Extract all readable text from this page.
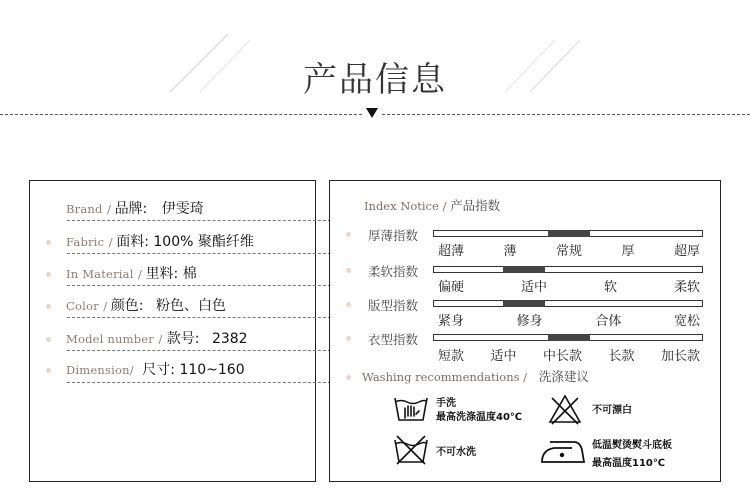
产品信息
Brand / 品牌: 伊雯琦
Fabric / 面料: 100% 聚酯纤维
In Material / 里料: 棉
Color / 颜色: 粉色、白色
Model number / 款号: 2382
Dimension/ 尺寸: 110~160
Index Notice / 产品指数
厚薄指数
超薄	薄	常规	厚	超厚
柔软指数
偏硬	适中	软	柔软
版型指数
紧身	修身	合体	宽松
衣型指数
短款 适中 中长款 长款 加长款
Washing recommendations / 洗涤建议
手洗
最高洗涤温度40℃
不可漂白
不可水洗
低温熨烫熨斗底板
最高温度110℃
